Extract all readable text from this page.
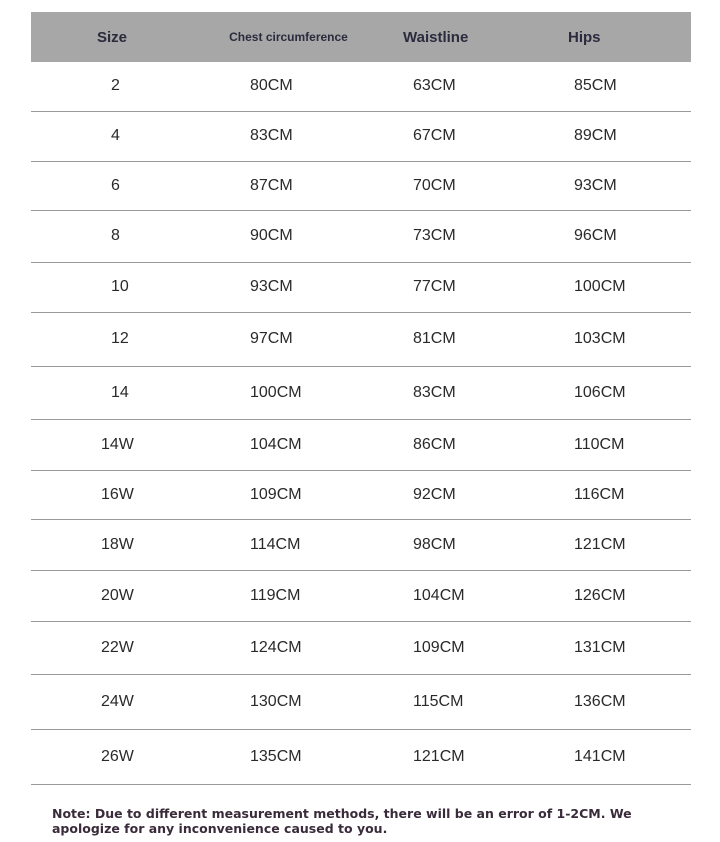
Size	Chest circumference	Waistline	Hips
2	80CM	63CM	85CM
4	83CM	67CM	89CM
6	87CM	70CM	93CM
8	90CM	73CM	96CM
10	93CM	77CM	100CM
12	97CM	81CM	103CM
14	100CM	83CM	106CM
14W	104CM	86CM	110CM
16W	109CM	92CM	116CM
18W	114CM	98CM	121CM
20W	119CM	104CM	126CM
22W	124CM	109CM	131CM
24W	130CM	115CM	136CM
26W	135CM	121CM	141CM
Note: Due to different measurement methods, there will be an error of 1-2CM. We apologize for any inconvenience caused to you.
